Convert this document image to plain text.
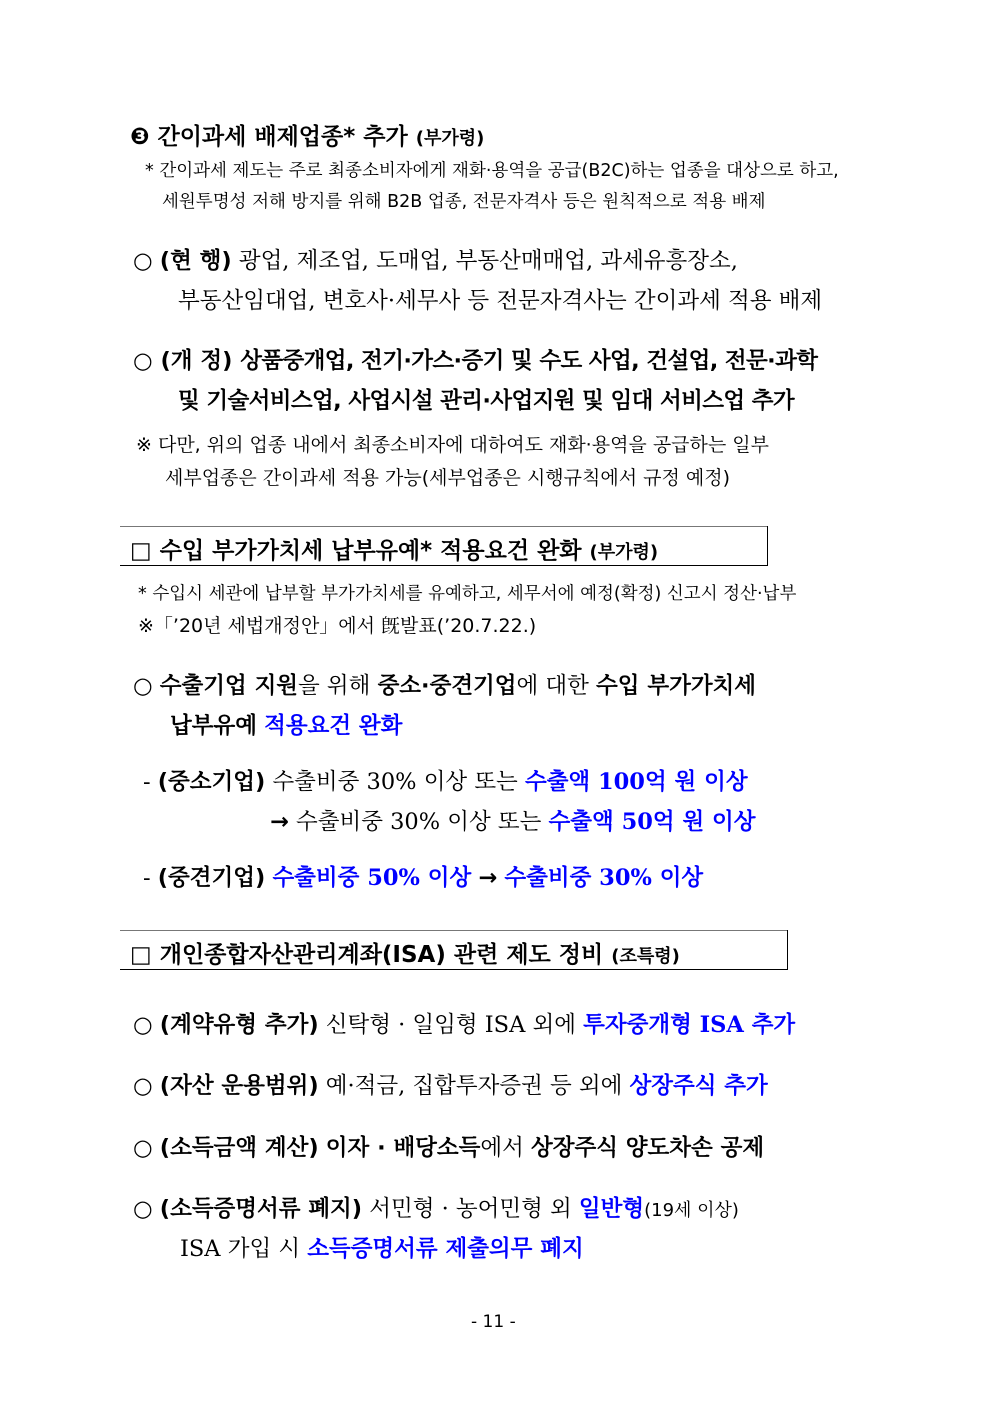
❸ 간이과세 배제업종* 추가 (부가령)
* 간이과세 제도는 주로 최종소비자에게 재화·용역을 공급(B2C)하는 업종을 대상으로 하고,
세원투명성 저해 방지를 위해 B2B 업종, 전문자격사 등은 원칙적으로 적용 배제
○ (현 행) 광업, 제조업, 도매업, 부동산매매업, 과세유흥장소,
부동산임대업, 변호사·세무사 등 전문자격사는 간이과세 적용 배제
○ (개 정) 상품중개업, 전기·가스·증기 및 수도 사업, 건설업, 전문·과학
및 기술서비스업, 사업시설 관리·사업지원 및 임대 서비스업 추가
※ 다만, 위의 업종 내에서 최종소비자에 대하여도 재화·용역을 공급하는 일부
세부업종은 간이과세 적용 가능(세부업종은 시행규칙에서 규정 예정)
□ 수입 부가가치세 납부유예* 적용요건 완화 (부가령)
* 수입시 세관에 납부할 부가가치세를 유예하고, 세무서에 예정(확정) 신고시 정산·납부
※「’20년 세법개정안」에서 旣발표(’20.7.22.)
○ 수출기업 지원을 위해 중소·중견기업에 대한 수입 부가가치세
납부유예 적용요건 완화
- (중소기업) 수출비중 30% 이상 또는 수출액 100억 원 이상
→ 수출비중 30% 이상 또는 수출액 50억 원 이상
- (중견기업) 수출비중 50% 이상 → 수출비중 30% 이상
□ 개인종합자산관리계좌(ISA) 관련 제도 정비 (조특령)
○ (계약유형 추가) 신탁형 · 일임형 ISA 외에 투자중개형 ISA 추가
○ (자산 운용범위) 예·적금, 집합투자증권 등 외에 상장주식 추가
○ (소득금액 계산) 이자 · 배당소득에서 상장주식 양도차손 공제
○ (소득증명서류 폐지) 서민형 · 농어민형 외 일반형(19세 이상)
ISA 가입 시 소득증명서류 제출의무 폐지
- 11 -
